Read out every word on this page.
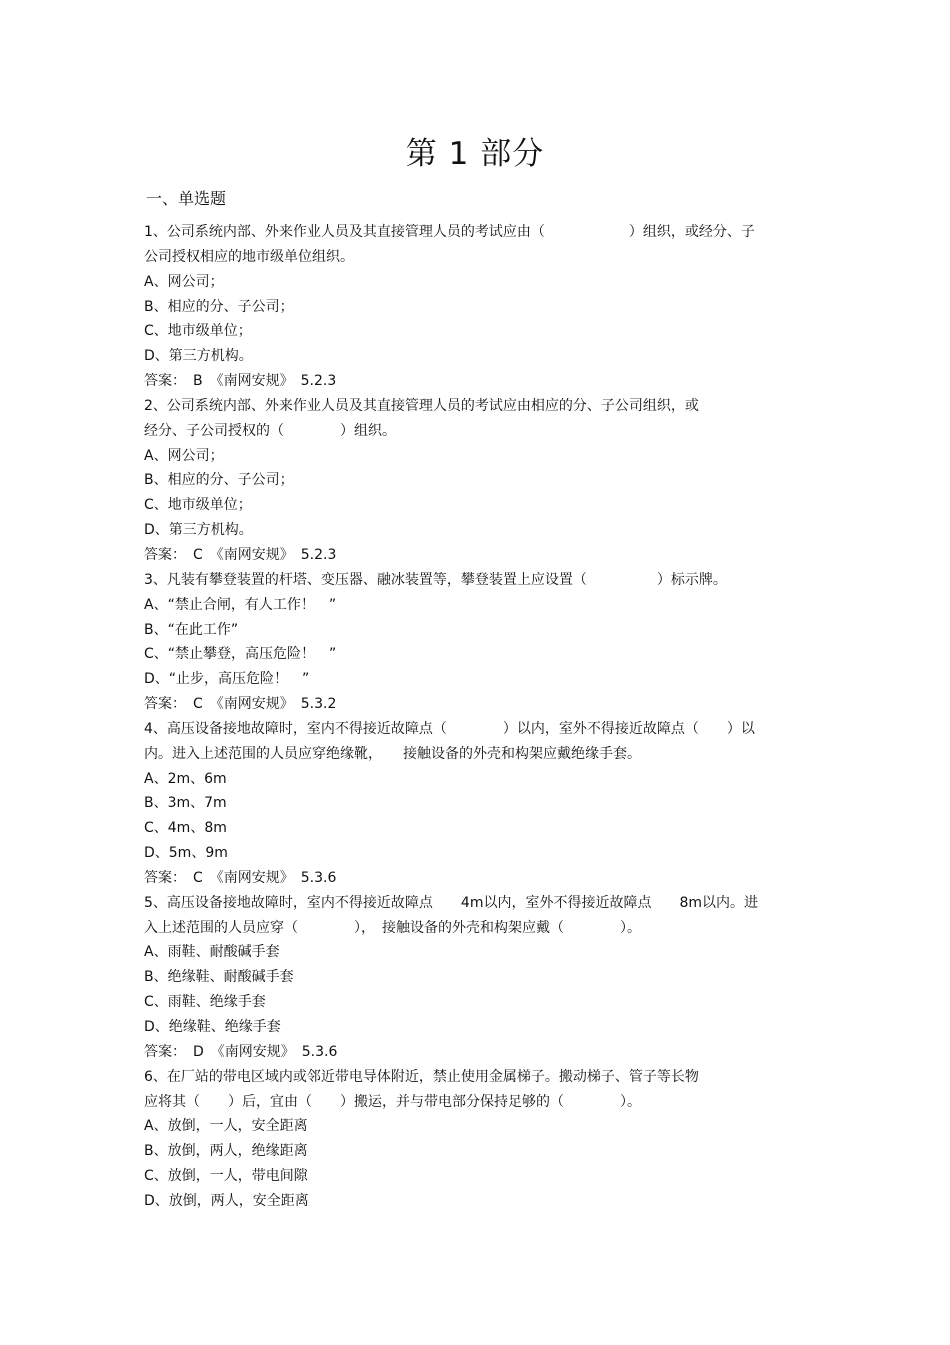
第 1 部分
一、单选题
1、公司系统内部、外来作业人员及其直接管理人员的考试应由（　　　　　　）组织，或经分、子
公司授权相应的地市级单位组织。
A、网公司；
B、相应的分、子公司；
C、地市级单位；
D、第三方机构。
答案：　B　《南网安规》　5.2.3
2、公司系统内部、外来作业人员及其直接管理人员的考试应由相应的分、子公司组织，或
经分、子公司授权的（　　　　）组织。
A、网公司；
B、相应的分、子公司；
C、地市级单位；
D、第三方机构。
答案：　C　《南网安规》　5.2.3
3、凡装有攀登装置的杆塔、变压器、融冰装置等，攀登装置上应设置（　　　　　）标示牌。
A、“禁止合闸，有人工作！　”
B、“在此工作”
C、“禁止攀登，高压危险！　”
D、“止步，高压危险！　”
答案：　C　《南网安规》　5.3.2
4、高压设备接地故障时，室内不得接近故障点（　　　　）以内，室外不得接近故障点（　　）以
内。进入上述范围的人员应穿绝缘靴，　　接触设备的外壳和构架应戴绝缘手套。
A、2m、6m
B、3m、7m
C、4m、8m
D、5m、9m
答案：　C　《南网安规》　5.3.6
5、高压设备接地故障时，室内不得接近故障点　　4m以内，室外不得接近故障点　　8m以内。进
入上述范围的人员应穿（　　　　），　接触设备的外壳和构架应戴（　　　　）。
A、雨鞋、耐酸碱手套
B、绝缘鞋、耐酸碱手套
C、雨鞋、绝缘手套
D、绝缘鞋、绝缘手套
答案：　D　《南网安规》　5.3.6
6、在厂站的带电区域内或邻近带电导体附近，禁止使用金属梯子。搬动梯子、管子等长物
应将其（　　）后，宜由（　　）搬运，并与带电部分保持足够的（　　　　）。
A、放倒，一人，安全距离
B、放倒，两人，绝缘距离
C、放倒，一人，带电间隙
D、放倒，两人，安全距离
